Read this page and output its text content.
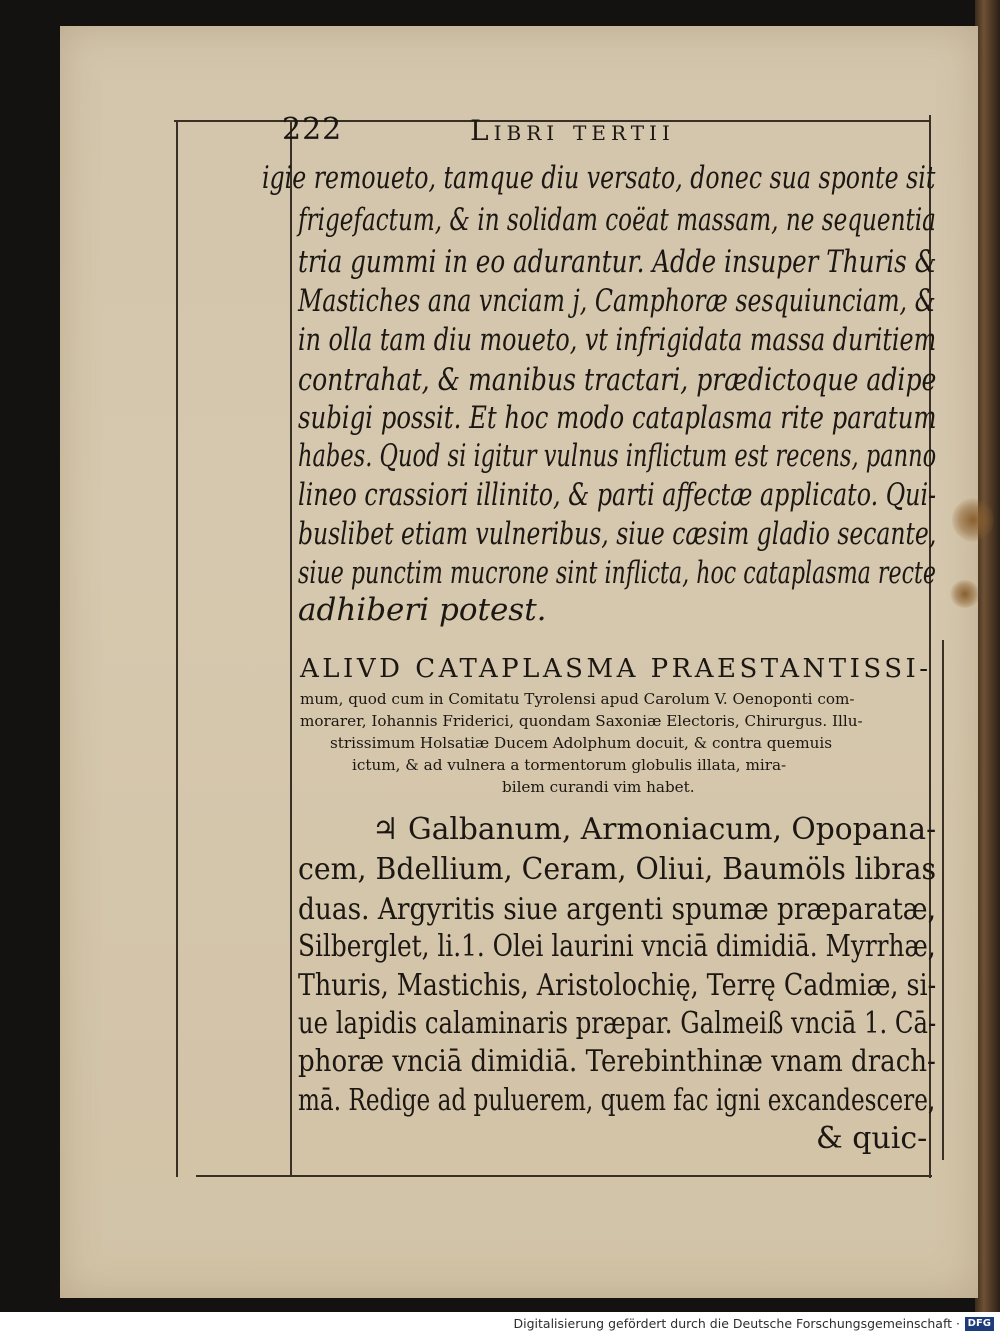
222	Libri tertii
igie remoueto, tamque diu versato, donec sua sponte sit
frigefactum, & in solidam coëat massam, ne sequentia
tria gummi in eo adurantur. Adde insuper Thuris &
Mastiches ana vnciam j, Camphoræ sesquiunciam, &
in olla tam diu moueto, vt infrigidata massa duritiem
contrahat, & manibus tractari, prædictoque adipe
subigi possit. Et hoc modo cataplasma rite paratum
habes. Quod si igitur vulnus inflictum est recens, panno
lineo crassiori illinito, & parti affectæ applicato. Qui-
buslibet etiam vulneribus, siue cæsim gladio secante,
siue punctim mucrone sint inflicta, hoc cataplasma recte
adhiberi potest.
ALIVD CATAPLASMA PRAESTANTISSI-
mum, quod cum in Comitatu Tyrolensi apud Carolum V. Oenoponti com-
morarer, Iohannis Friderici, quondam Saxoniæ Electoris, Chirurgus. Illu-
strissimum Holsatiæ Ducem Adolphum docuit, & contra quemuis
ictum, & ad vulnera a tormentorum globulis illata, mira-
bilem curandi vim habet.
♃ Galbanum, Armoniacum, Opopana-
cem, Bdellium, Ceram, Oliui, Baumöls libras
duas. Argyritis siue argenti spumæ præparatæ,
Silberglet, li.1. Olei laurini vnciā dimidiā. Myrrhæ,
Thuris, Mastichis, Aristolochię, Terrę Cadmiæ, si-
ue lapidis calaminaris præpar. Galmeiß vnciā 1. Cā-
phoræ vnciā dimidiā. Terebinthinæ vnam drach-
mā. Redige ad puluerem, quem fac igni excandescere,
& quic-
Digitalisierung gefördert durch die Deutsche Forschungsgemeinschaft · DFG
